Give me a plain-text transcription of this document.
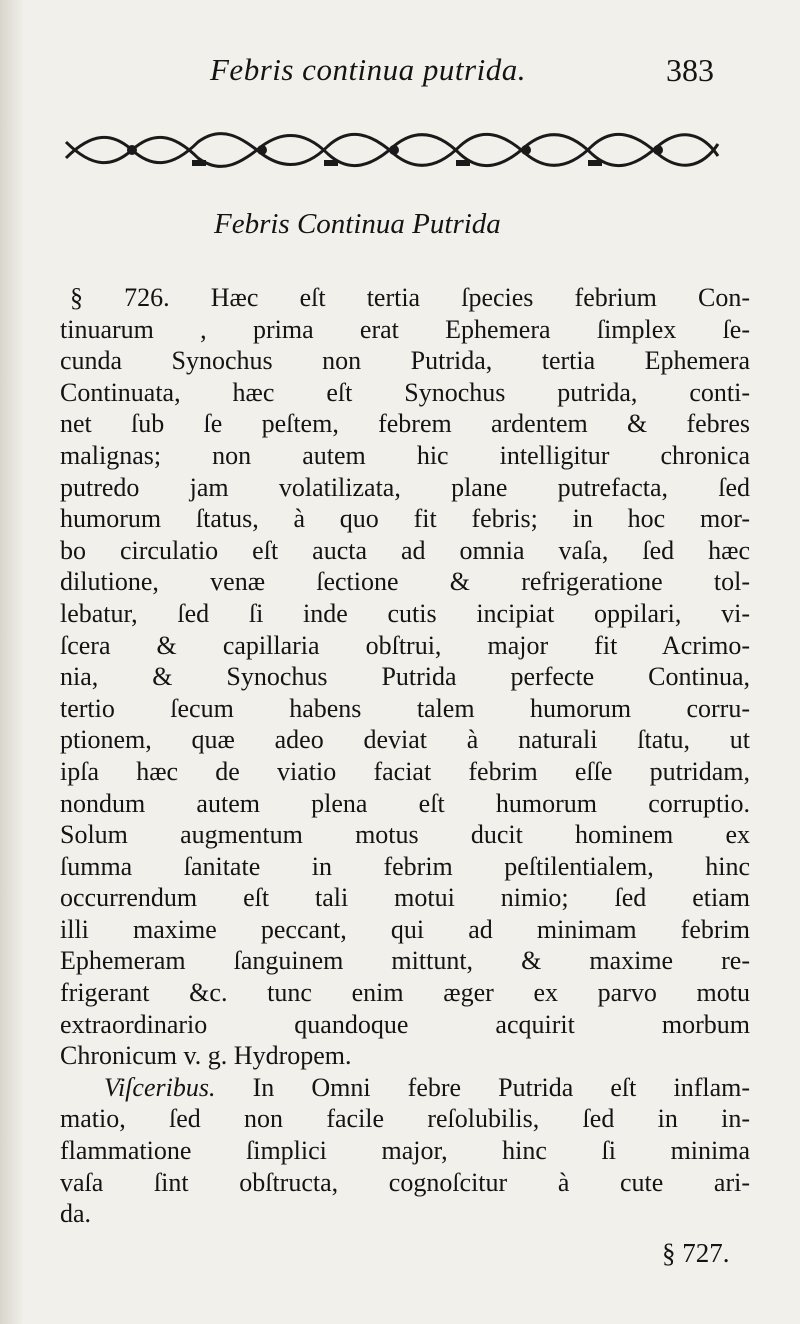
Febris continua putrida.	383
Febris Continua Putrida
§ 726. Hæc eſt tertia ſpecies febrium Con-
tinuarum , prima erat Ephemera ſimplex ſe-
cunda Synochus non Putrida, tertia Ephemera
Continuata, hæc eſt Synochus putrida, conti-
net ſub ſe peſtem, febrem ardentem & febres
malignas; non autem hic intelligitur chronica
putredo jam volatilizata, plane putrefacta, ſed
humorum ſtatus, à quo fit febris; in hoc mor-
bo circulatio eſt aucta ad omnia vaſa, ſed hæc
dilutione, venæ ſectione & refrigeratione tol-
lebatur, ſed ſi inde cutis incipiat oppilari, vi-
ſcera & capillaria obſtrui, major fit Acrimo-
nia, & Synochus Putrida perfecte Continua,
tertio ſecum habens talem humorum corru-
ptionem, quæ adeo deviat à naturali ſtatu, ut
ipſa hæc de viatio faciat febrim eſſe putridam,
nondum autem plena eſt humorum corruptio.
Solum augmentum motus ducit hominem ex
ſumma ſanitate in febrim peſtilentialem, hinc
occurrendum eſt tali motui nimio; ſed etiam
illi maxime peccant, qui ad minimam febrim
Ephemeram ſanguinem mittunt, & maxime re-
frigerant &c. tunc enim æger ex parvo motu
extraordinario quandoque acquirit morbum
Chronicum v. g. Hydropem.
Viſceribus. In Omni febre Putrida eſt inflam-
matio, ſed non facile reſolubilis, ſed in in-
flammatione ſimplici major, hinc ſi minima
vaſa ſint obſtructa, cognoſcitur à cute ari-
da.
§ 727.
